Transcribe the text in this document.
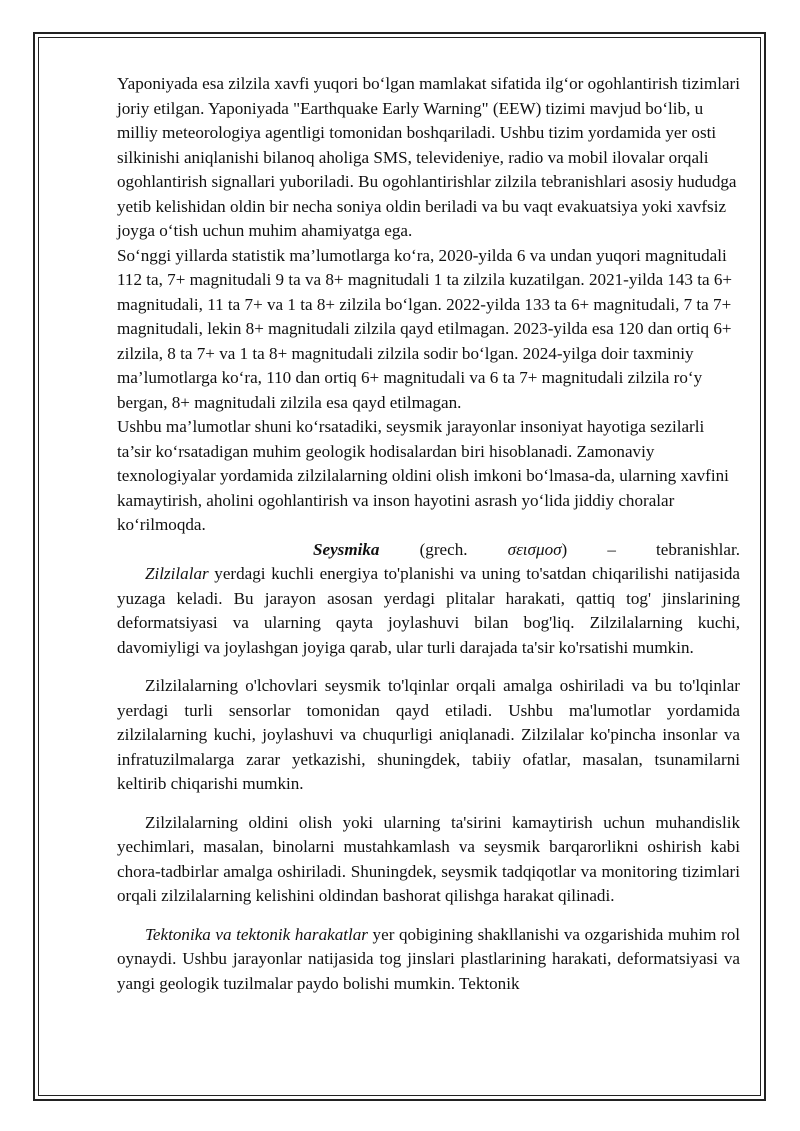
Yaponiyada esa zilzila xavfi yuqori bo‘lgan mamlakat sifatida ilg‘or ogohlantirish tizimlari joriy etilgan. Yaponiyada "Earthquake Early Warning" (EEW) tizimi mavjud bo‘lib, u milliy meteorologiya agentligi tomonidan boshqariladi. Ushbu tizim yordamida yer osti silkinishi aniqlanishi bilanoq aholiga SMS, televideniye, radio va mobil ilovalar orqali ogohlantirish signallari yuboriladi. Bu ogohlantirishlar zilzila tebranishlari asosiy hududga yetib kelishidan oldin bir necha soniya oldin beriladi va bu vaqt evakuatsiya yoki xavfsiz joyga o‘tish uchun muhim ahamiyatga ega.

So‘nggi yillarda statistik ma’lumotlarga ko‘ra, 2020-yilda 6 va undan yuqori magnitudali 112 ta, 7+ magnitudali 9 ta va 8+ magnitudali 1 ta zilzila kuzatilgan. 2021-yilda 143 ta 6+ magnitudali, 11 ta 7+ va 1 ta 8+ zilzila bo‘lgan. 2022-yilda 133 ta 6+ magnitudali, 7 ta 7+ magnitudali, lekin 8+ magnitudali zilzila qayd etilmagan. 2023-yilda esa 120 dan ortiq 6+ zilzila, 8 ta 7+ va 1 ta 8+ magnitudali zilzila sodir bo‘lgan. 2024-yilga doir taxminiy ma’lumotlarga ko‘ra, 110 dan ortiq 6+ magnitudali va 6 ta 7+ magnitudali zilzila ro‘y bergan, 8+ magnitudali zilzila esa qayd etilmagan.

Ushbu ma’lumotlar shuni ko‘rsatadiki, seysmik jarayonlar insoniyat hayotiga sezilarli ta’sir ko‘rsatadigan muhim geologik hodisalardan biri hisoblanadi. Zamonaviy texnologiyalar yordamida zilzilalarning oldini olish imkoni bo‘lmasa-da, ularning xavfini kamaytirish, aholini ogohlantirish va inson hayotini asrash yo‘lida jiddiy choralar ko‘rilmoqda.

Seysmika (grech. σεισμοσ) – tebranishlar.

Zilzilalar yerdagi kuchli energiya to'planishi va uning to'satdan chiqarilishi natijasida yuzaga keladi. Bu jarayon asosan yerdagi plitalar harakati, qattiq tog' jinslarining deformatsiyasi va ularning qayta joylashuvi bilan bog'liq. Zilzilalarning kuchi, davomiyligi va joylashgan joyiga qarab, ular turli darajada ta'sir ko'rsatishi mumkin.

Zilzilalarning o'lchovlari seysmik to'lqinlar orqali amalga oshiriladi va bu to'lqinlar yerdagi turli sensorlar tomonidan qayd etiladi. Ushbu ma'lumotlar yordamida zilzilalarning kuchi, joylashuvi va chuqurligi aniqlanadi. Zilzilalar ko'pincha insonlar va infratuzilmalarga zarar yetkazishi, shuningdek, tabiiy ofatlar, masalan, tsunamilarni keltirib chiqarishi mumkin.

Zilzilalarning oldini olish yoki ularning ta'sirini kamaytirish uchun muhandislik yechimlari, masalan, binolarni mustahkamlash va seysmik barqarorlikni oshirish kabi chora-tadbirlar amalga oshiriladi. Shuningdek, seysmik tadqiqotlar va monitoring tizimlari orqali zilzilalarning kelishini oldindan bashorat qilishga harakat qilinadi.

Tektonika va tektonik harakatlar yer qobigining shakllanishi va ozgarishida muhim rol oynaydi. Ushbu jarayonlar natijasida tog jinslari plastlarining harakati, deformatsiyasi va yangi geologik tuzilmalar paydo bolishi mumkin. Tektonik
